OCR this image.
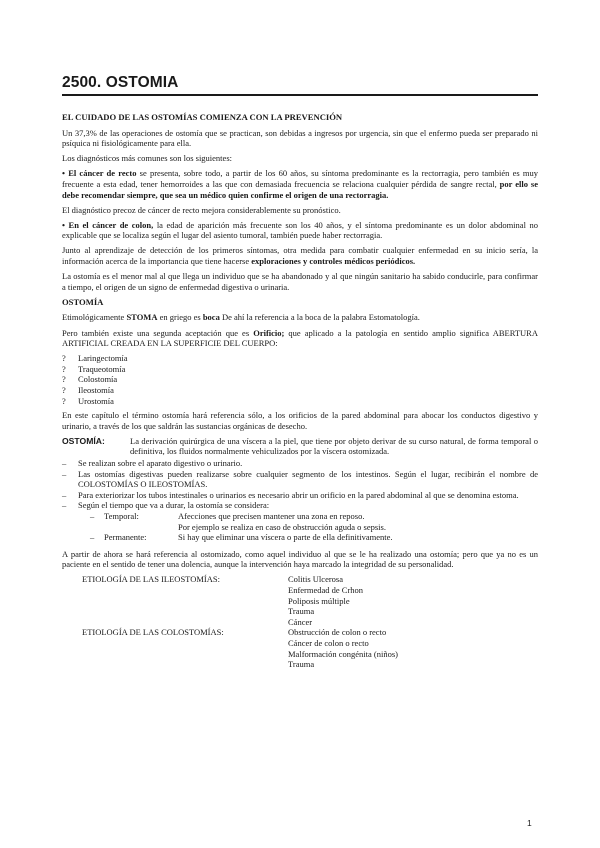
2500. OSTOMIA

EL CUIDADO DE LAS OSTOMÍAS COMIENZA CON LA PREVENCIÓN

Un 37,3% de las operaciones de ostomía que se practican, son debidas a ingresos por urgencia, sin que el enfermo pueda ser preparado ni psíquica ni fisiológicamente para ella.

Los diagnósticos más comunes son los siguientes:

• El cáncer de recto se presenta, sobre todo, a partir de los 60 años, su síntoma predominante es la rectorragia, pero también es muy frecuente a esta edad, tener hemorroides a las que con demasiada frecuencia se relaciona cualquier pérdida de sangre rectal, por ello se debe recomendar siempre, que sea un médico quien confirme el origen de una rectorragia.

El diagnóstico precoz de cáncer de recto mejora considerablemente su pronóstico.

• En el cáncer de colon, la edad de aparición más frecuente son los 40 años, y el síntoma predominante es un dolor abdominal no explicable que se localiza según el lugar del asiento tumoral, también puede haber rectorragia.

Junto al aprendizaje de detección de los primeros síntomas, otra medida para combatir cualquier enfermedad en su inicio sería, la información acerca de la importancia que tiene hacerse exploraciones y controles médicos periódicos.

La ostomía es el menor mal al que llega un individuo que se ha abandonado y al que ningún sanitario ha sabido conducirle, para confirmar a tiempo, el origen de un signo de enfermedad digestiva o urinaria.

OSTOMÍA

Etimológicamente STOMA en griego es boca De ahí la referencia a la boca de la palabra Estomatología.

Pero también existe una segunda aceptación que es Orificio; que aplicado a la patología en sentido amplio significa ABERTURA ARTIFICIAL CREADA EN LA SUPERFICIE DEL CUERPO:

?	Laringectomía
?	Traqueotomía
?	Colostomía
?	Ileostomía
?	Urostomía

En este capítulo el término ostomía hará referencia sólo, a los orificios de la pared abdominal para abocar los conductos digestivo y urinario, a través de los que saldrán las sustancias orgánicas de desecho.

OSTOMÍA:	La derivación quirúrgica de una víscera a la piel, que tiene por objeto derivar de su curso natural, de forma temporal o definitiva, los fluidos normalmente vehiculizados por la víscera ostomizada.
–	Se realizan sobre el aparato digestivo o urinario.
–	Las ostomías digestivas pueden realizarse sobre cualquier segmento de los intestinos. Según el lugar, recibirán el nombre de COLOSTOMÍAS O ILEOSTOMÍAS.
–	Para exteriorizar los tubos intestinales o urinarios es necesario abrir un orificio en la pared abdominal al que se denomina estoma.
–	Según el tiempo que va a durar, la ostomía se considera:
–	Temporal:	Afecciones que precisen mantener una zona en reposo.
Por ejemplo se realiza en caso de obstrucción aguda o sepsis.
–	Permanente:	Si hay que eliminar una víscera o parte de ella definitivamente.

A partir de ahora se hará referencia al ostomizado, como aquel individuo al que se le ha realizado una ostomía; pero que ya no es un paciente en el sentido de tener una dolencia, aunque la intervención haya marcado la integridad de su personalidad.

ETIOLOGÍA DE LAS ILEOSTOMÍAS:	Colitis Ulcerosa
Enfermedad de Crhon
Poliposis múltiple
Trauma
Cáncer
ETIOLOGÍA DE LAS COLOSTOMÍAS:	Obstrucción de colon o recto
Cáncer de colon o recto
Malformación congénita (niños)
Trauma
1
